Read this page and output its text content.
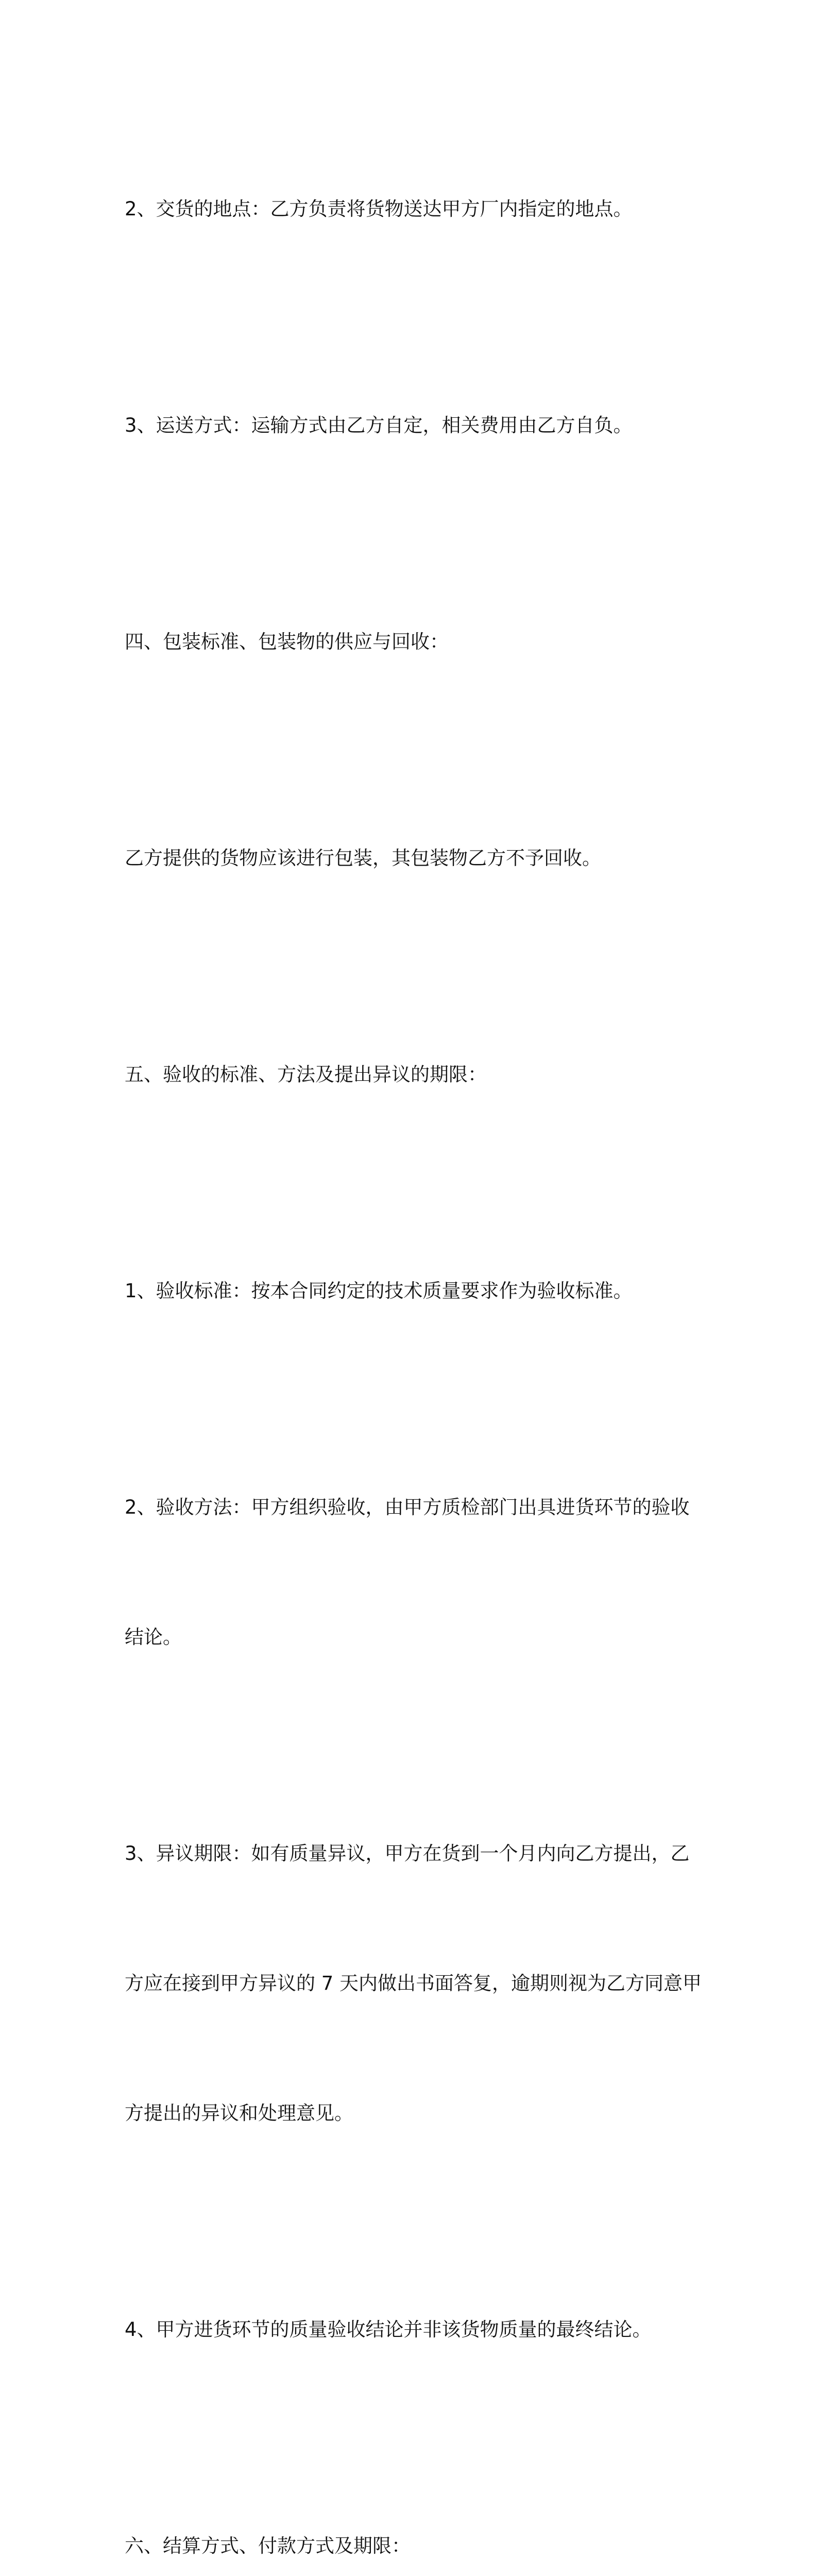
2、交货的地点：乙方负责将货物送达甲方厂内指定的地点。

3、运送方式：运输方式由乙方自定，相关费用由乙方自负。

四、包装标准、包装物的供应与回收：

乙方提供的货物应该进行包装，其包装物乙方不予回收。

五、验收的标准、方法及提出异议的期限：

1、验收标准：按本合同约定的技术质量要求作为验收标准。

2、验收方法：甲方组织验收，由甲方质检部门出具进货环节的验收

结论。

3、异议期限：如有质量异议，甲方在货到一个月内向乙方提出，乙

方应在接到甲方异议的 7 天内做出书面答复，逾期则视为乙方同意甲

方提出的异议和处理意见。

4、甲方进货环节的质量验收结论并非该货物质量的最终结论。

六、结算方式、付款方式及期限：
